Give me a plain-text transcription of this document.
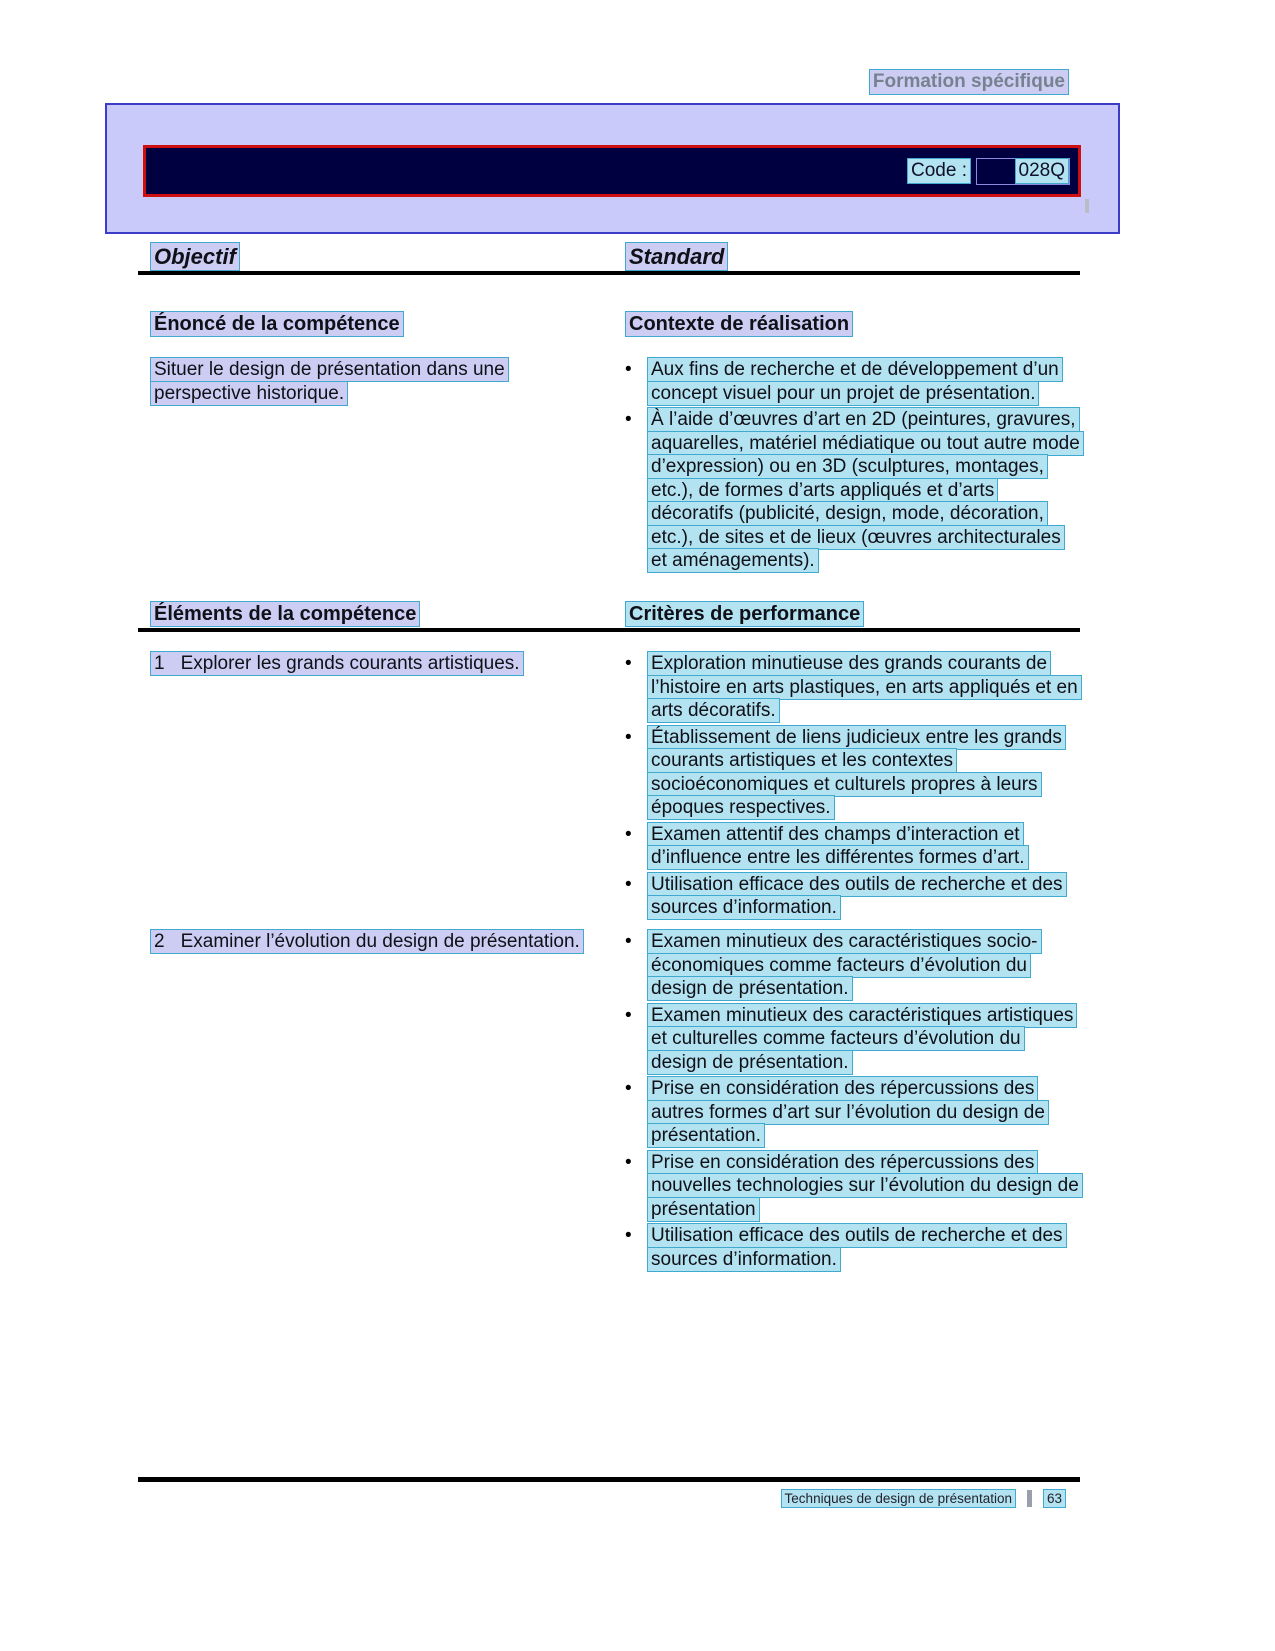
Formation spécifique
Code :	028Q
Objectif	Standard
Énoncé de la compétence	Contexte de réalisation
Situer le design de présentation dans une perspective historique.
•	Aux fins de recherche et de développement d’un concept visuel pour un projet de présentation.
•	À l’aide d’œuvres d’art en 2D (peintures, gravures, aquarelles, matériel médiatique ou tout autre mode d’expression) ou en 3D (sculptures, montages, etc.), de formes d’arts appliqués et d’arts décoratifs (publicité, design, mode, décoration, etc.), de sites et de lieux (œuvres architecturales et aménagements).
Éléments de la compétence	Critères de performance
1 Explorer les grands courants artistiques.	•	Exploration minutieuse des grands courants de l’histoire en arts plastiques, en arts appliqués et en arts décoratifs.
•	Établissement de liens judicieux entre les grands courants artistiques et les contextes socioéconomiques et culturels propres à leurs époques respectives.
•	Examen attentif des champs d’interaction et d’influence entre les différentes formes d’art.
•	Utilisation efficace des outils de recherche et des sources d’information.
2 Examiner l’évolution du design de présentation.	•	Examen minutieux des caractéristiques socio-économiques comme facteurs d’évolution du design de présentation.
•	Examen minutieux des caractéristiques artistiques et culturelles comme facteurs d’évolution du design de présentation.
•	Prise en considération des répercussions des autres formes d’art sur l’évolution du design de présentation.
•	Prise en considération des répercussions des nouvelles technologies sur l’évolution du design de présentation
•	Utilisation efficace des outils de recherche et des sources d’information.
Techniques de design de présentation	63
